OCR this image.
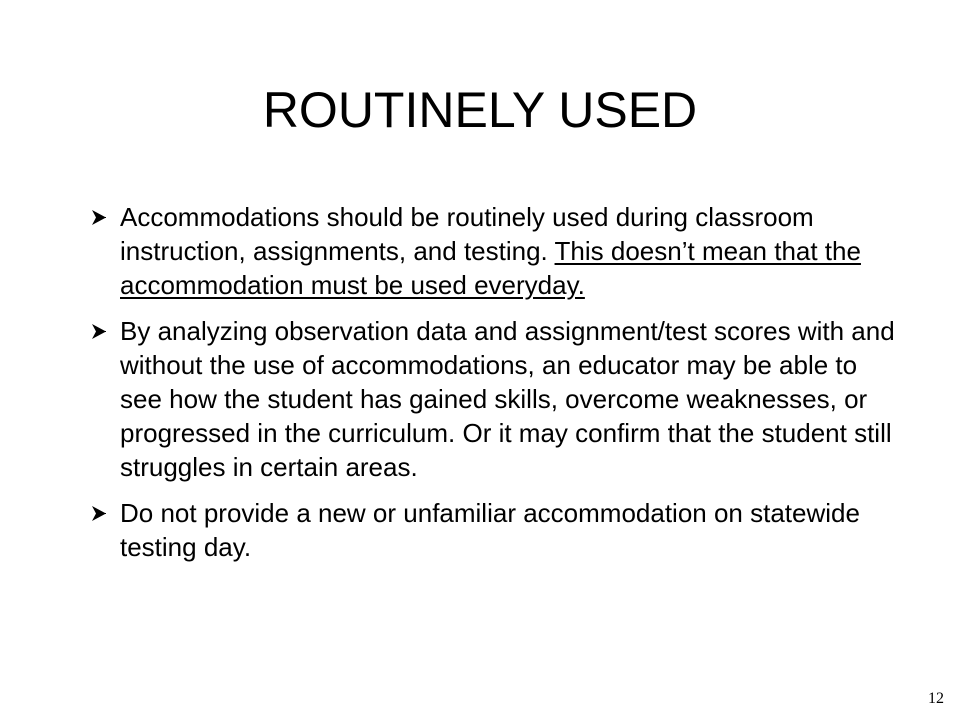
ROUTINELY USED
Accommodations should be routinely used during classroom instruction, assignments, and testing. This doesn’t mean that the accommodation must be used everyday.
By analyzing observation data and assignment/test scores with and without the use of accommodations, an educator may be able to see how the student has gained skills, overcome weaknesses, or progressed in the curriculum. Or it may confirm that the student still struggles in certain areas.
Do not provide a new or unfamiliar accommodation on statewide testing day.
12
